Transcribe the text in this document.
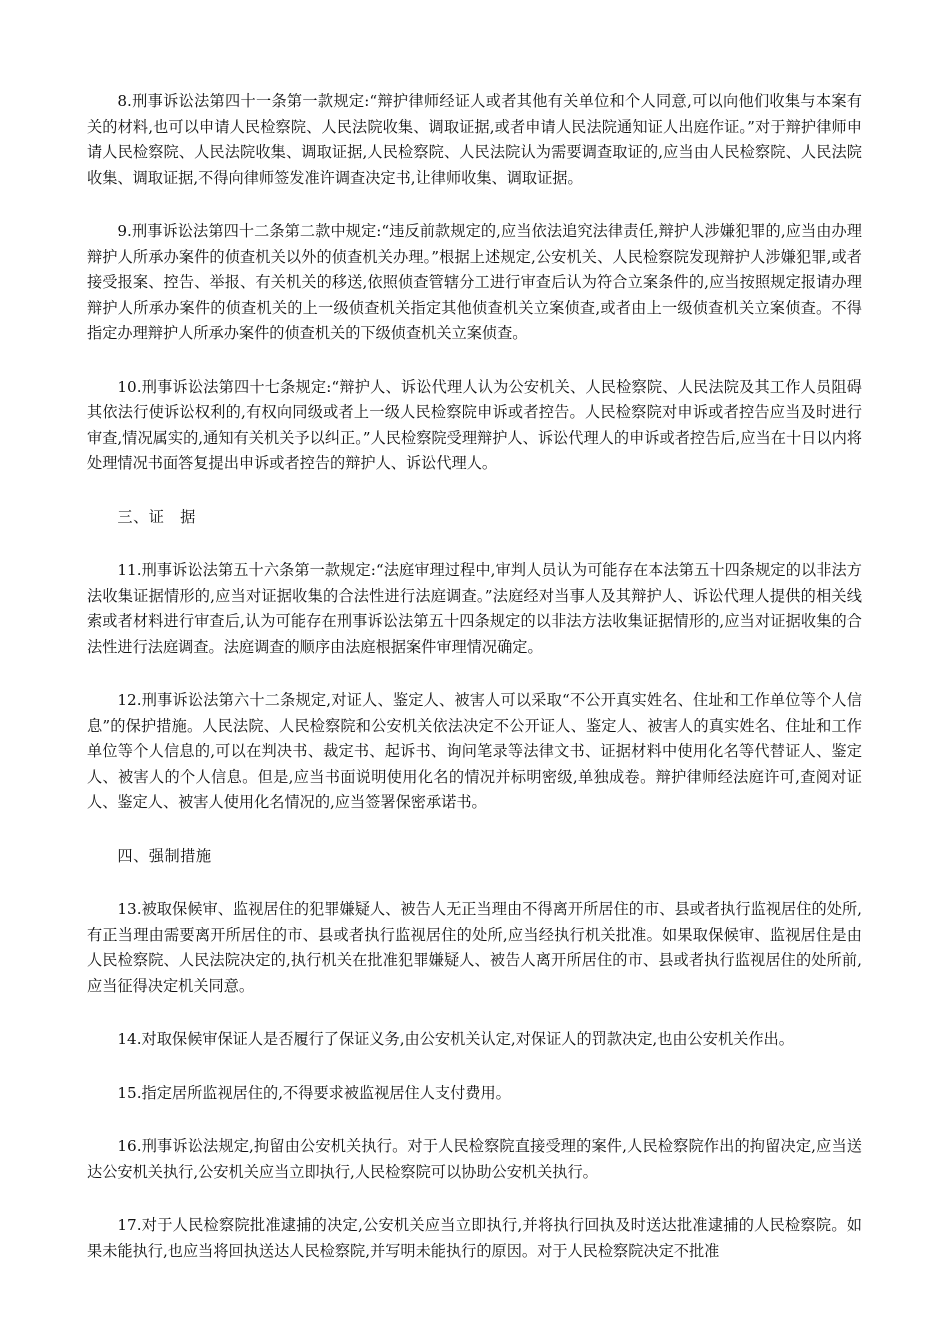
8.刑事诉讼法第四十一条第一款规定:“辩护律师经证人或者其他有关单位和个人同意,可以向他们收集与本案有关的材料,也可以申请人民检察院、人民法院收集、调取证据,或者申请人民法院通知证人出庭作证。”对于辩护律师申请人民检察院、人民法院收集、调取证据,人民检察院、人民法院认为需要调查取证的,应当由人民检察院、人民法院收集、调取证据,不得向律师签发准许调查决定书,让律师收集、调取证据。

9.刑事诉讼法第四十二条第二款中规定:“违反前款规定的,应当依法追究法律责任,辩护人涉嫌犯罪的,应当由办理辩护人所承办案件的侦查机关以外的侦查机关办理。”根据上述规定,公安机关、人民检察院发现辩护人涉嫌犯罪,或者接受报案、控告、举报、有关机关的移送,依照侦查管辖分工进行审查后认为符合立案条件的,应当按照规定报请办理辩护人所承办案件的侦查机关的上一级侦查机关指定其他侦查机关立案侦查,或者由上一级侦查机关立案侦查。不得指定办理辩护人所承办案件的侦查机关的下级侦查机关立案侦查。

10.刑事诉讼法第四十七条规定:“辩护人、诉讼代理人认为公安机关、人民检察院、人民法院及其工作人员阻碍其依法行使诉讼权利的,有权向同级或者上一级人民检察院申诉或者控告。人民检察院对申诉或者控告应当及时进行审查,情况属实的,通知有关机关予以纠正。”人民检察院受理辩护人、诉讼代理人的申诉或者控告后,应当在十日以内将处理情况书面答复提出申诉或者控告的辩护人、诉讼代理人。

三、证　据

11.刑事诉讼法第五十六条第一款规定:“法庭审理过程中,审判人员认为可能存在本法第五十四条规定的以非法方法收集证据情形的,应当对证据收集的合法性进行法庭调查。”法庭经对当事人及其辩护人、诉讼代理人提供的相关线索或者材料进行审查后,认为可能存在刑事诉讼法第五十四条规定的以非法方法收集证据情形的,应当对证据收集的合法性进行法庭调查。法庭调查的顺序由法庭根据案件审理情况确定。

12.刑事诉讼法第六十二条规定,对证人、鉴定人、被害人可以采取“不公开真实姓名、住址和工作单位等个人信息”的保护措施。人民法院、人民检察院和公安机关依法决定不公开证人、鉴定人、被害人的真实姓名、住址和工作单位等个人信息的,可以在判决书、裁定书、起诉书、询问笔录等法律文书、证据材料中使用化名等代替证人、鉴定人、被害人的个人信息。但是,应当书面说明使用化名的情况并标明密级,单独成卷。辩护律师经法庭许可,查阅对证人、鉴定人、被害人使用化名情况的,应当签署保密承诺书。

四、强制措施

13.被取保候审、监视居住的犯罪嫌疑人、被告人无正当理由不得离开所居住的市、县或者执行监视居住的处所,有正当理由需要离开所居住的市、县或者执行监视居住的处所,应当经执行机关批准。如果取保候审、监视居住是由人民检察院、人民法院决定的,执行机关在批准犯罪嫌疑人、被告人离开所居住的市、县或者执行监视居住的处所前,应当征得决定机关同意。

14.对取保候审保证人是否履行了保证义务,由公安机关认定,对保证人的罚款决定,也由公安机关作出。

15.指定居所监视居住的,不得要求被监视居住人支付费用。

16.刑事诉讼法规定,拘留由公安机关执行。对于人民检察院直接受理的案件,人民检察院作出的拘留决定,应当送达公安机关执行,公安机关应当立即执行,人民检察院可以协助公安机关执行。

17.对于人民检察院批准逮捕的决定,公安机关应当立即执行,并将执行回执及时送达批准逮捕的人民检察院。如果未能执行,也应当将回执送达人民检察院,并写明未能执行的原因。对于人民检察院决定不批准
